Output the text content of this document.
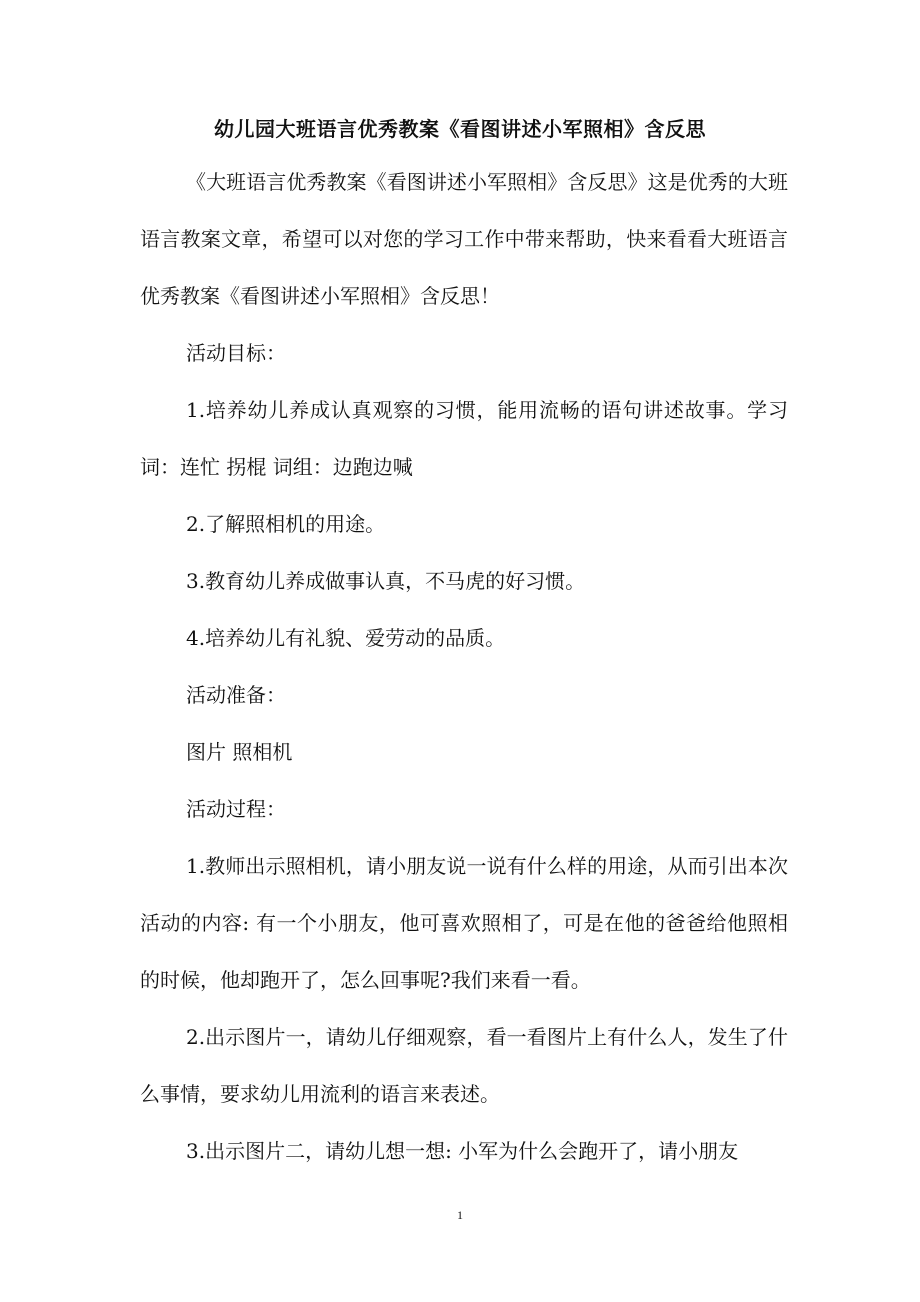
幼儿园大班语言优秀教案《看图讲述小军照相》含反思
《大班语言优秀教案《看图讲述小军照相》含反思》这是优秀的大班语言教案文章，希望可以对您的学习工作中带来帮助，快来看看大班语言优秀教案《看图讲述小军照相》含反思！
活动目标：
1.培养幼儿养成认真观察的习惯，能用流畅的语句讲述故事。学习词：连忙 拐棍 词组：边跑边喊
2.了解照相机的用途。
3.教育幼儿养成做事认真，不马虎的好习惯。
4.培养幼儿有礼貌、爱劳动的品质。
活动准备：
图片 照相机
活动过程：
1.教师出示照相机，请小朋友说一说有什么样的用途，从而引出本次活动的内容: 有一个小朋友，他可喜欢照相了，可是在他的爸爸给他照相的时候，他却跑开了，怎么回事呢?我们来看一看。
2.出示图片一，请幼儿仔细观察，看一看图片上有什么人，发生了什么事情，要求幼儿用流利的语言来表述。
3.出示图片二，请幼儿想一想: 小军为什么会跑开了，请小朋友
1
